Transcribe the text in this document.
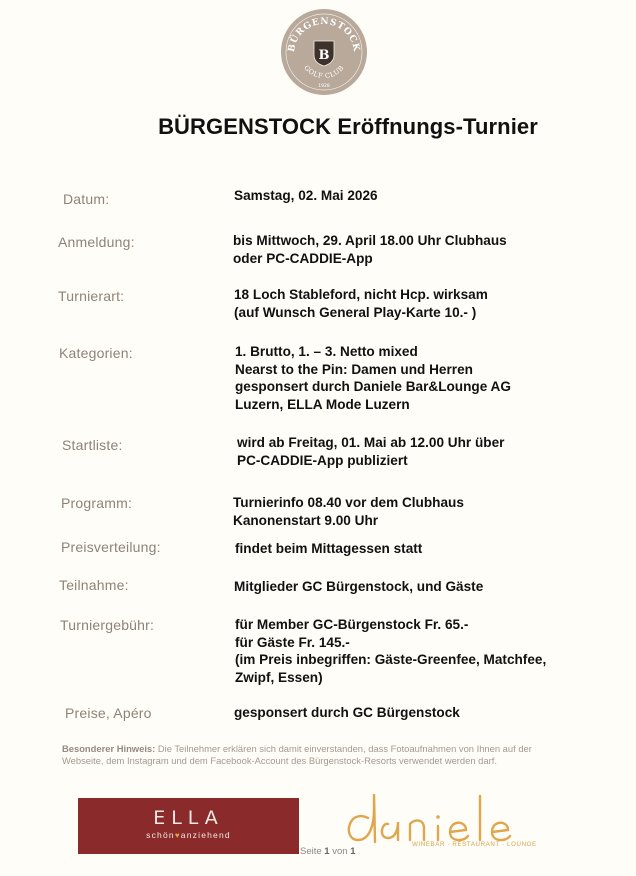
BÜRGENSTOCK
B
GOLF CLUB
1928
BÜRGENSTOCK Eröffnungs-Turnier
Datum:	Samstag, 02. Mai 2026
Anmeldung:	bis Mittwoch, 29. April 18.00 Uhr Clubhaus
oder PC-CADDIE-App
Turnierart:	18 Loch Stableford, nicht Hcp. wirksam
(auf Wunsch General Play-Karte 10.- )
Kategorien:	1. Brutto, 1. – 3. Netto mixed
Nearst to the Pin: Damen und Herren
gesponsert durch Daniele Bar&Lounge AG
Luzern, ELLA Mode Luzern
Startliste:	wird ab Freitag, 01. Mai ab 12.00 Uhr über
PC-CADDIE-App publiziert
Programm:	Turnierinfo 08.40 vor dem Clubhaus
Kanonenstart 9.00 Uhr
Preisverteilung:	findet beim Mittagessen statt
Teilnahme:	Mitglieder GC Bürgenstock, und Gäste
Turniergebühr:	für Member GC-Bürgenstock Fr. 65.-
für Gäste Fr. 145.-
(im Preis inbegriffen: Gäste-Greenfee, Matchfee,
Zwipf, Essen)
Preise, Apéro	gesponsert durch GC Bürgenstock
Besonderer Hinweis: Die Teilnehmer erklären sich damit einverstanden, dass Fotoaufnahmen von Ihnen auf der Webseite, dem Instagram und dem Facebook-Account des Bürgenstock-Resorts verwendet werden darf.
ELLA
schön♥anziehend
Seite 1 von 1
WINEBAR · RESTAURANT · LOUNGE
